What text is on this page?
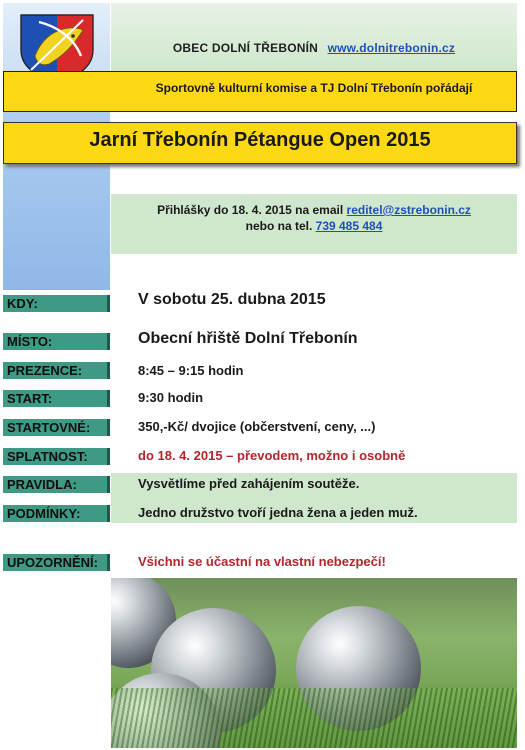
OBEC DOLNÍ TŘEBONÍN www.dolnitrebonin.cz
Sportovně kulturní komise a TJ Dolní Třebonín pořádají
Jarní Třebonín Pétangue Open 2015
Přihlášky do 18. 4. 2015 na email reditel@zstrebonin.cz
nebo na tel. 739 485 484
KDY:	V sobotu 25. dubna 2015
MÍSTO:	Obecní hřiště Dolní Třebonín
PREZENCE:	8:45 – 9:15 hodin
START:	9:30 hodin
STARTOVNÉ:	350,-Kč/ dvojice (občerstvení, ceny, ...)
SPLATNOST:	do 18. 4. 2015 – převodem, možno i osobně
PRAVIDLA:	Vysvětlíme před zahájením soutěže.
PODMÍNKY:	Jedno družstvo tvoří jedna žena a jeden muž.
UPOZORNĚNÍ:	Všichni se účastní na vlastní nebezpečí!
